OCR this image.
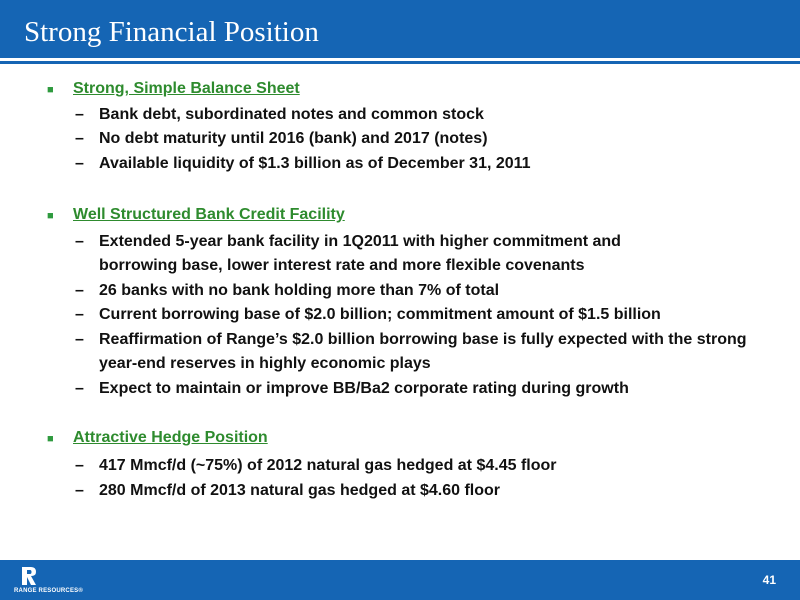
Strong Financial Position
■ Strong, Simple Balance Sheet
– Bank debt, subordinated notes and common stock
– No debt maturity until 2016 (bank) and 2017 (notes)
– Available liquidity of $1.3 billion as of December 31, 2011
■ Well Structured Bank Credit Facility
– Extended 5-year bank facility in 1Q2011 with higher commitment and borrowing base, lower interest rate and more flexible covenants
– 26 banks with no bank holding more than 7% of total
– Current borrowing base of $2.0 billion; commitment amount of $1.5 billion
– Reaffirmation of Range’s $2.0 billion borrowing base is fully expected with the strong year-end reserves in highly economic plays
– Expect to maintain or improve BB/Ba2 corporate rating during growth
■ Attractive Hedge Position
– 417 Mmcf/d (~75%) of 2012 natural gas hedged at $4.45 floor
– 280 Mmcf/d of 2013 natural gas hedged at $4.60 floor
RANGE RESOURCES®
41
